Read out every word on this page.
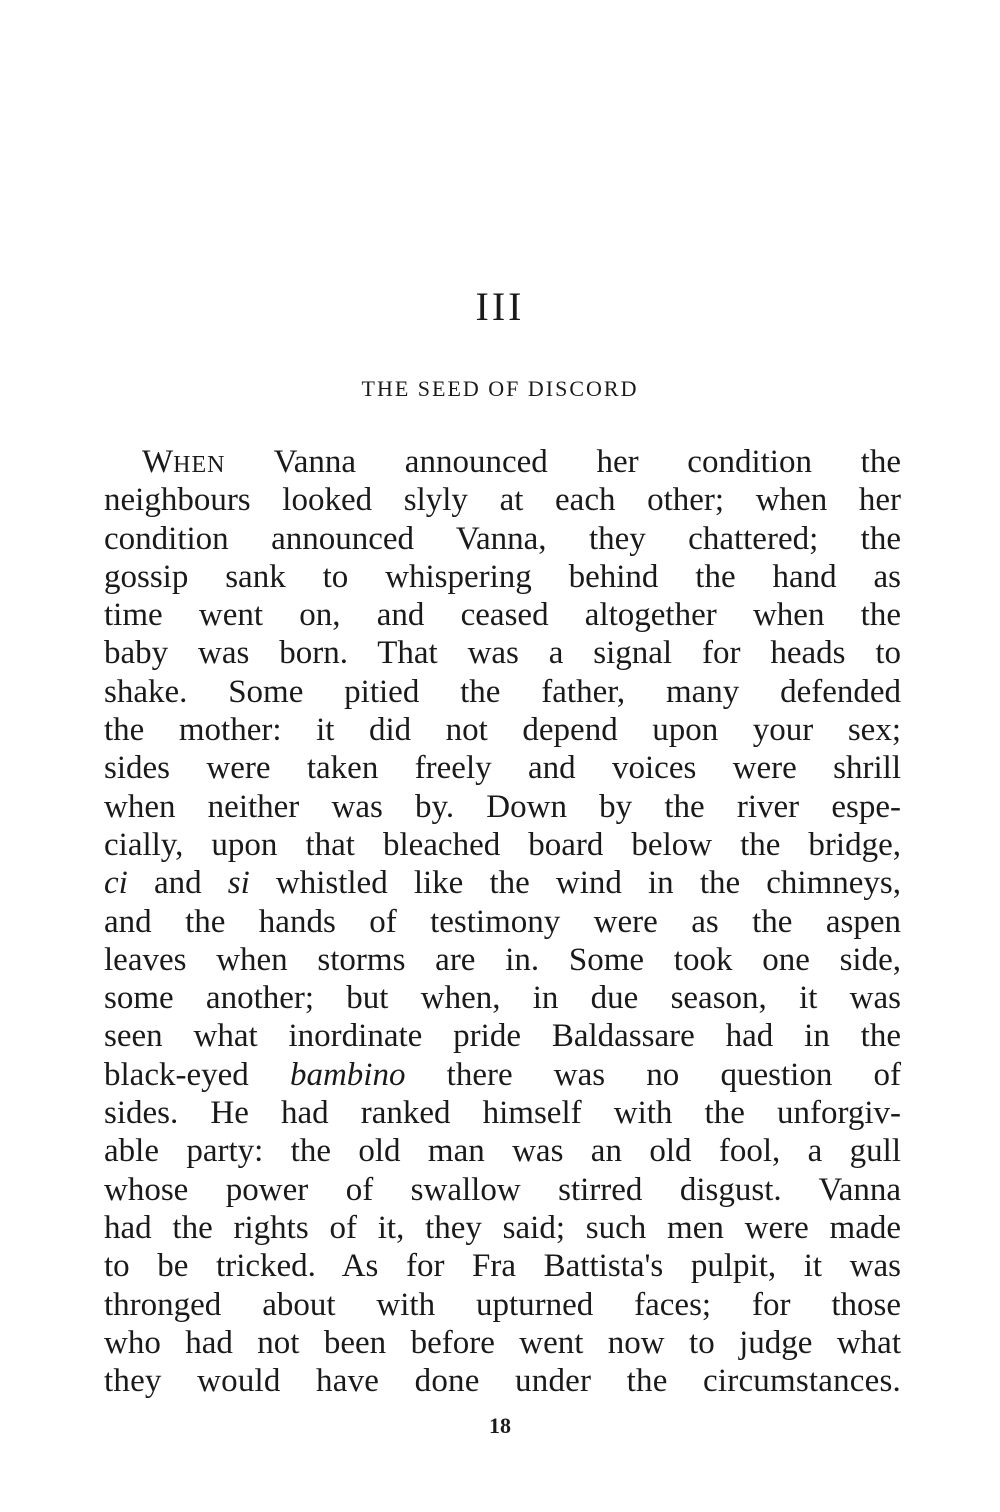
III
THE SEED OF DISCORD
WHEN Vanna announced her condition the
neighbours looked slyly at each other; when her
condition announced Vanna, they chattered; the
gossip sank to whispering behind the hand as
time went on, and ceased altogether when the
baby was born. That was a signal for heads to
shake. Some pitied the father, many defended
the mother: it did not depend upon your sex;
sides were taken freely and voices were shrill
when neither was by. Down by the river espe-
cially, upon that bleached board below the bridge,
ci and si whistled like the wind in the chimneys,
and the hands of testimony were as the aspen
leaves when storms are in. Some took one side,
some another; but when, in due season, it was
seen what inordinate pride Baldassare had in the
black-eyed bambino there was no question of
sides. He had ranked himself with the unforgiv-
able party: the old man was an old fool, a gull
whose power of swallow stirred disgust. Vanna
had the rights of it, they said; such men were made
to be tricked. As for Fra Battista's pulpit, it was
thronged about with upturned faces; for those
who had not been before went now to judge what
they would have done under the circumstances.
18
